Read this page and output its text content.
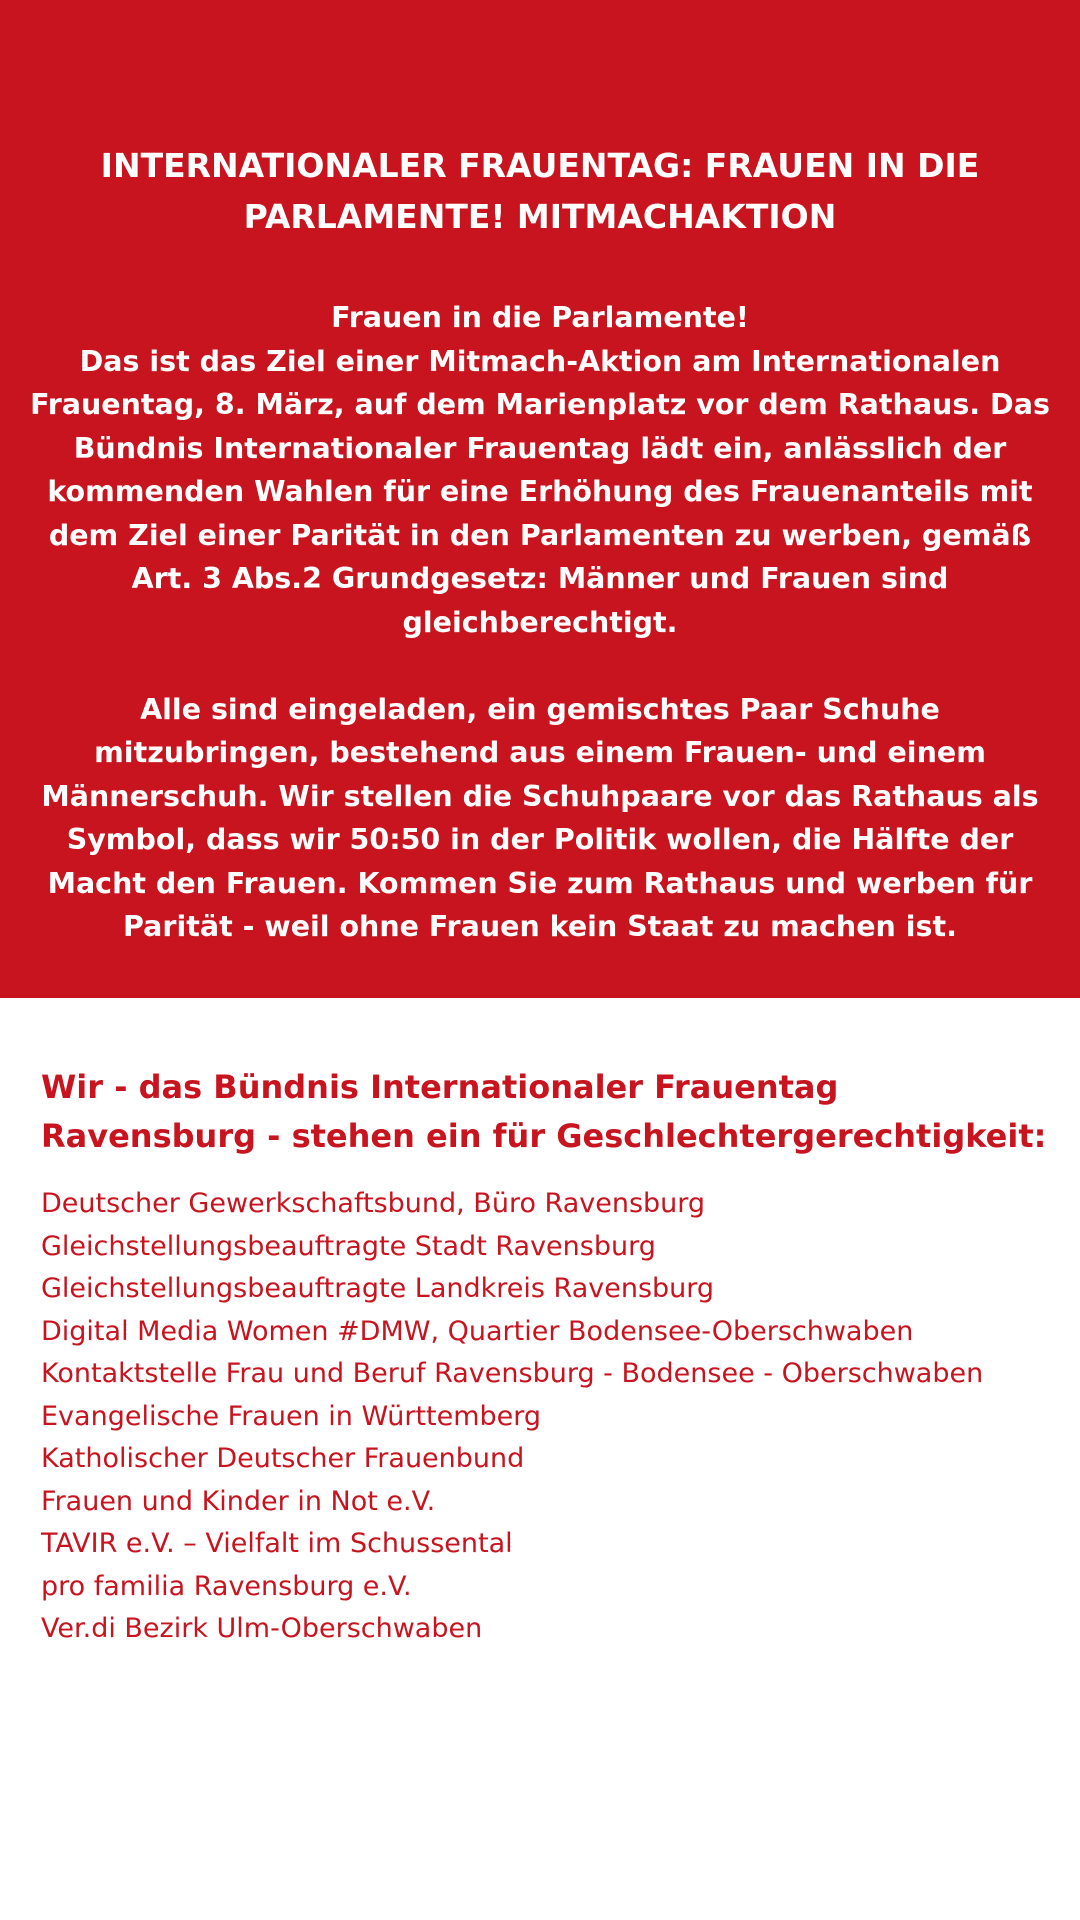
INTERNATIONALER FRAUENTAG: FRAUEN IN DIE PARLAMENTE! MITMACHAKTION

Frauen in die Parlamente!

Das ist das Ziel einer Mitmach-Aktion am Internationalen Frauentag, 8. März, auf dem Marienplatz vor dem Rathaus. Das Bündnis Internationaler Frauentag lädt ein, anlässlich der kommenden Wahlen für eine Erhöhung des Frauenanteils mit dem Ziel einer Parität in den Parlamenten zu werben, gemäß Art. 3 Abs.2 Grundgesetz: Männer und Frauen sind gleichberechtigt.

Alle sind eingeladen, ein gemischtes Paar Schuhe mitzubringen, bestehend aus einem Frauen- und einem Männerschuh. Wir stellen die Schuhpaare vor das Rathaus als Symbol, dass wir 50:50 in der Politik wollen, die Hälfte der Macht den Frauen. Kommen Sie zum Rathaus und werben für Parität - weil ohne Frauen kein Staat zu machen ist.

Wir - das Bündnis Internationaler Frauentag Ravensburg - stehen ein für Geschlechtergerechtigkeit:
Deutscher Gewerkschaftsbund, Büro Ravensburg
Gleichstellungsbeauftragte Stadt Ravensburg
Gleichstellungsbeauftragte Landkreis Ravensburg
Digital Media Women #DMW, Quartier Bodensee-Oberschwaben
Kontaktstelle Frau und Beruf Ravensburg - Bodensee - Oberschwaben
Evangelische Frauen in Württemberg
Katholischer Deutscher Frauenbund
Frauen und Kinder in Not e.V.
TAVIR e.V. – Vielfalt im Schussental
pro familia Ravensburg e.V.
Ver.di Bezirk Ulm-Oberschwaben
